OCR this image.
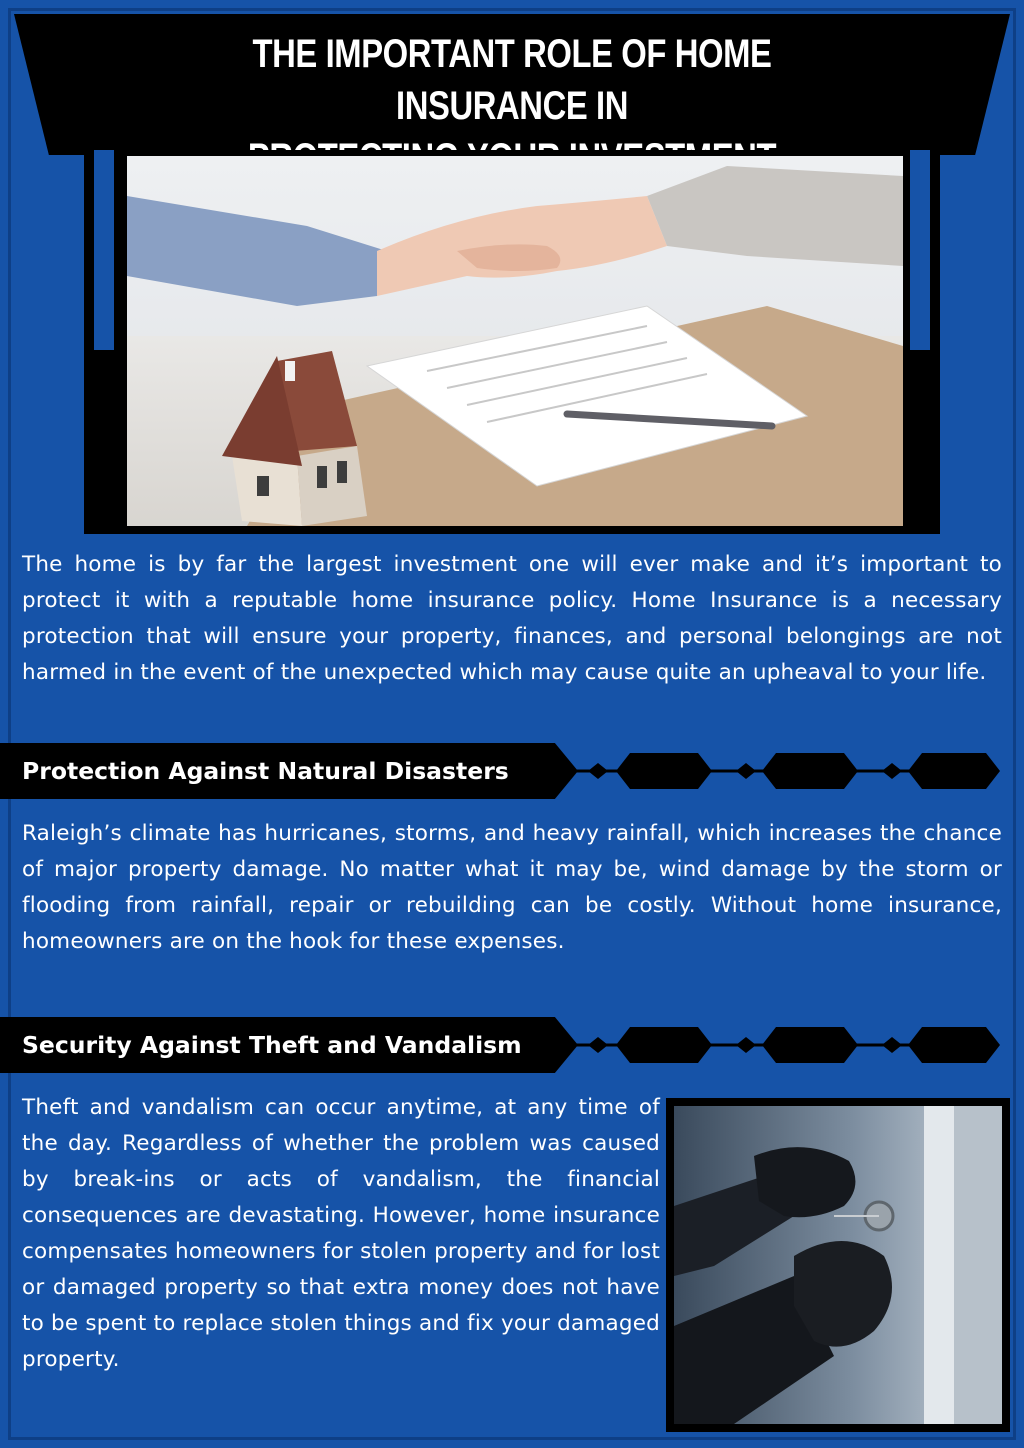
THE IMPORTANT ROLE OF HOME INSURANCE IN

The home is by far the largest investment one will ever make and it’s important to protect it with a reputable home insurance policy. Home Insurance is a necessary protection that will ensure your property, finances, and personal belongings are not harmed in the event of the unexpected which may cause quite an upheaval to your life.

Protection Against Natural Disasters

Raleigh’s climate has hurricanes, storms, and heavy rainfall, which increases the chance of major property damage. No matter what it may be, wind damage by the storm or flooding from rainfall, repair or rebuilding can be costly. Without home insurance, homeowners are on the hook for these expenses.

Security Against Theft and Vandalism

Theft and vandalism can occur anytime, at any time of the day. Regardless of whether the problem was caused by break-ins or acts of vandalism, the financial consequences are devastating. However, home insurance compensates homeowners for stolen property and for lost or damaged property so that extra money does not have to be spent to replace stolen things and fix your damaged property.
